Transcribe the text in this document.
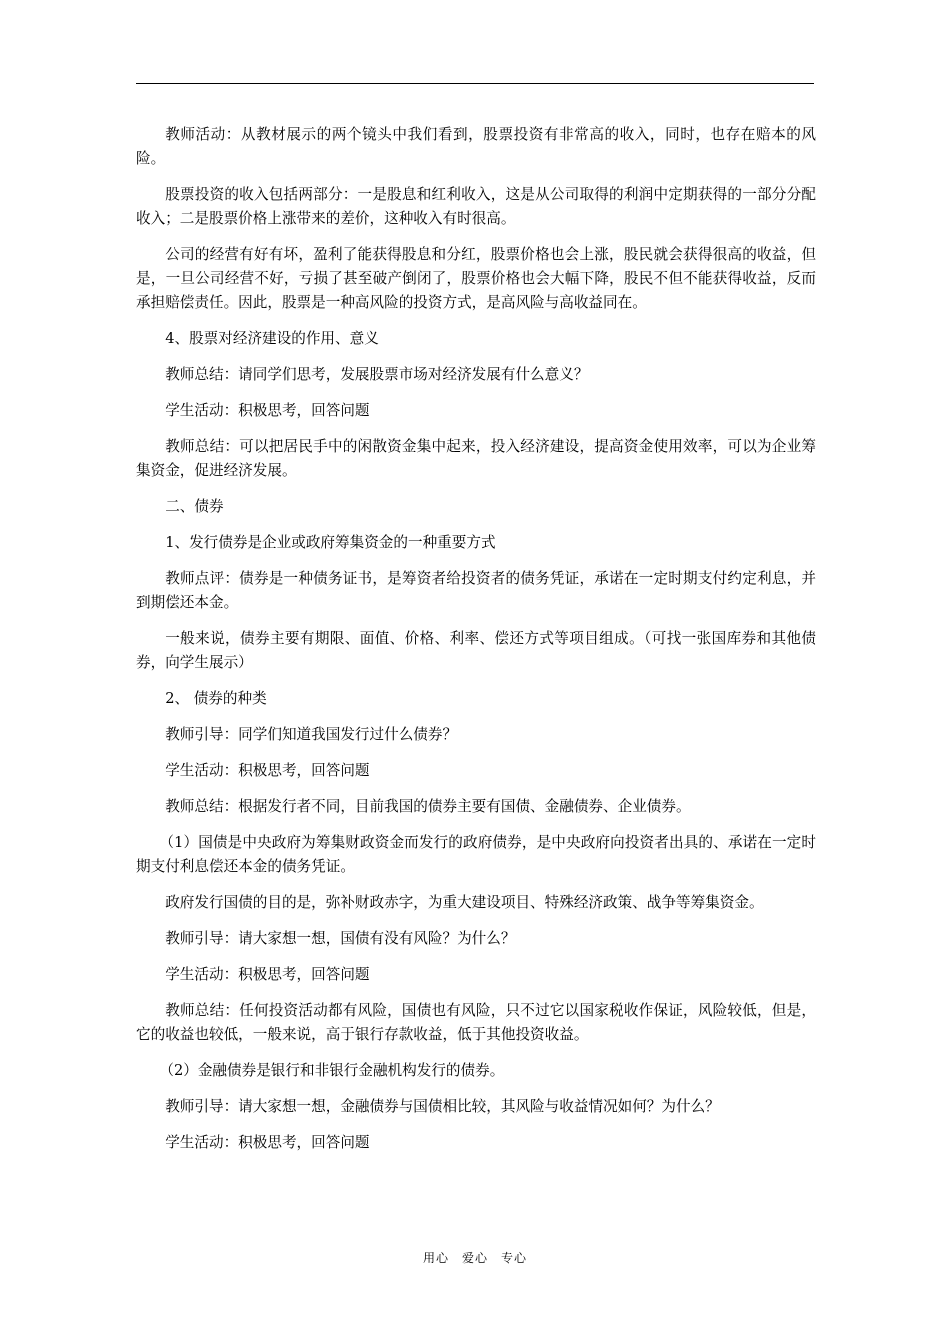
教师活动：从教材展示的两个镜头中我们看到，股票投资有非常高的收入，同时，也存在赔本的风险。

股票投资的收入包括两部分：一是股息和红利收入，这是从公司取得的利润中定期获得的一部分分配收入；二是股票价格上涨带来的差价，这种收入有时很高。

公司的经营有好有坏，盈利了能获得股息和分红，股票价格也会上涨，股民就会获得很高的收益，但是，一旦公司经营不好，亏损了甚至破产倒闭了，股票价格也会大幅下降，股民不但不能获得收益，反而承担赔偿责任。因此，股票是一种高风险的投资方式，是高风险与高收益同在。

4、股票对经济建设的作用、意义

教师总结：请同学们思考，发展股票市场对经济发展有什么意义？

学生活动：积极思考，回答问题

教师总结：可以把居民手中的闲散资金集中起来，投入经济建设，提高资金使用效率，可以为企业筹集资金，促进经济发展。

二、债券

1、发行债券是企业或政府筹集资金的一种重要方式

教师点评：债券是一种债务证书，是筹资者给投资者的债务凭证，承诺在一定时期支付约定利息，并到期偿还本金。

一般来说，债券主要有期限、面值、价格、利率、偿还方式等项目组成。（可找一张国库券和其他债券，向学生展示）

2、 债券的种类

教师引导：同学们知道我国发行过什么债券？

学生活动：积极思考，回答问题

教师总结：根据发行者不同，目前我国的债券主要有国债、金融债券、企业债券。

（1）国债是中央政府为筹集财政资金而发行的政府债券，是中央政府向投资者出具的、承诺在一定时期支付利息偿还本金的债务凭证。

政府发行国债的目的是，弥补财政赤字，为重大建设项目、特殊经济政策、战争等筹集资金。

教师引导：请大家想一想，国债有没有风险？为什么？

学生活动：积极思考，回答问题

教师总结：任何投资活动都有风险，国债也有风险，只不过它以国家税收作保证，风险较低，但是，它的收益也较低，一般来说，高于银行存款收益，低于其他投资收益。

（2）金融债券是银行和非银行金融机构发行的债券。

教师引导：请大家想一想，金融债券与国债相比较，其风险与收益情况如何？为什么？

学生活动：积极思考，回答问题

用心　爱心　专心
